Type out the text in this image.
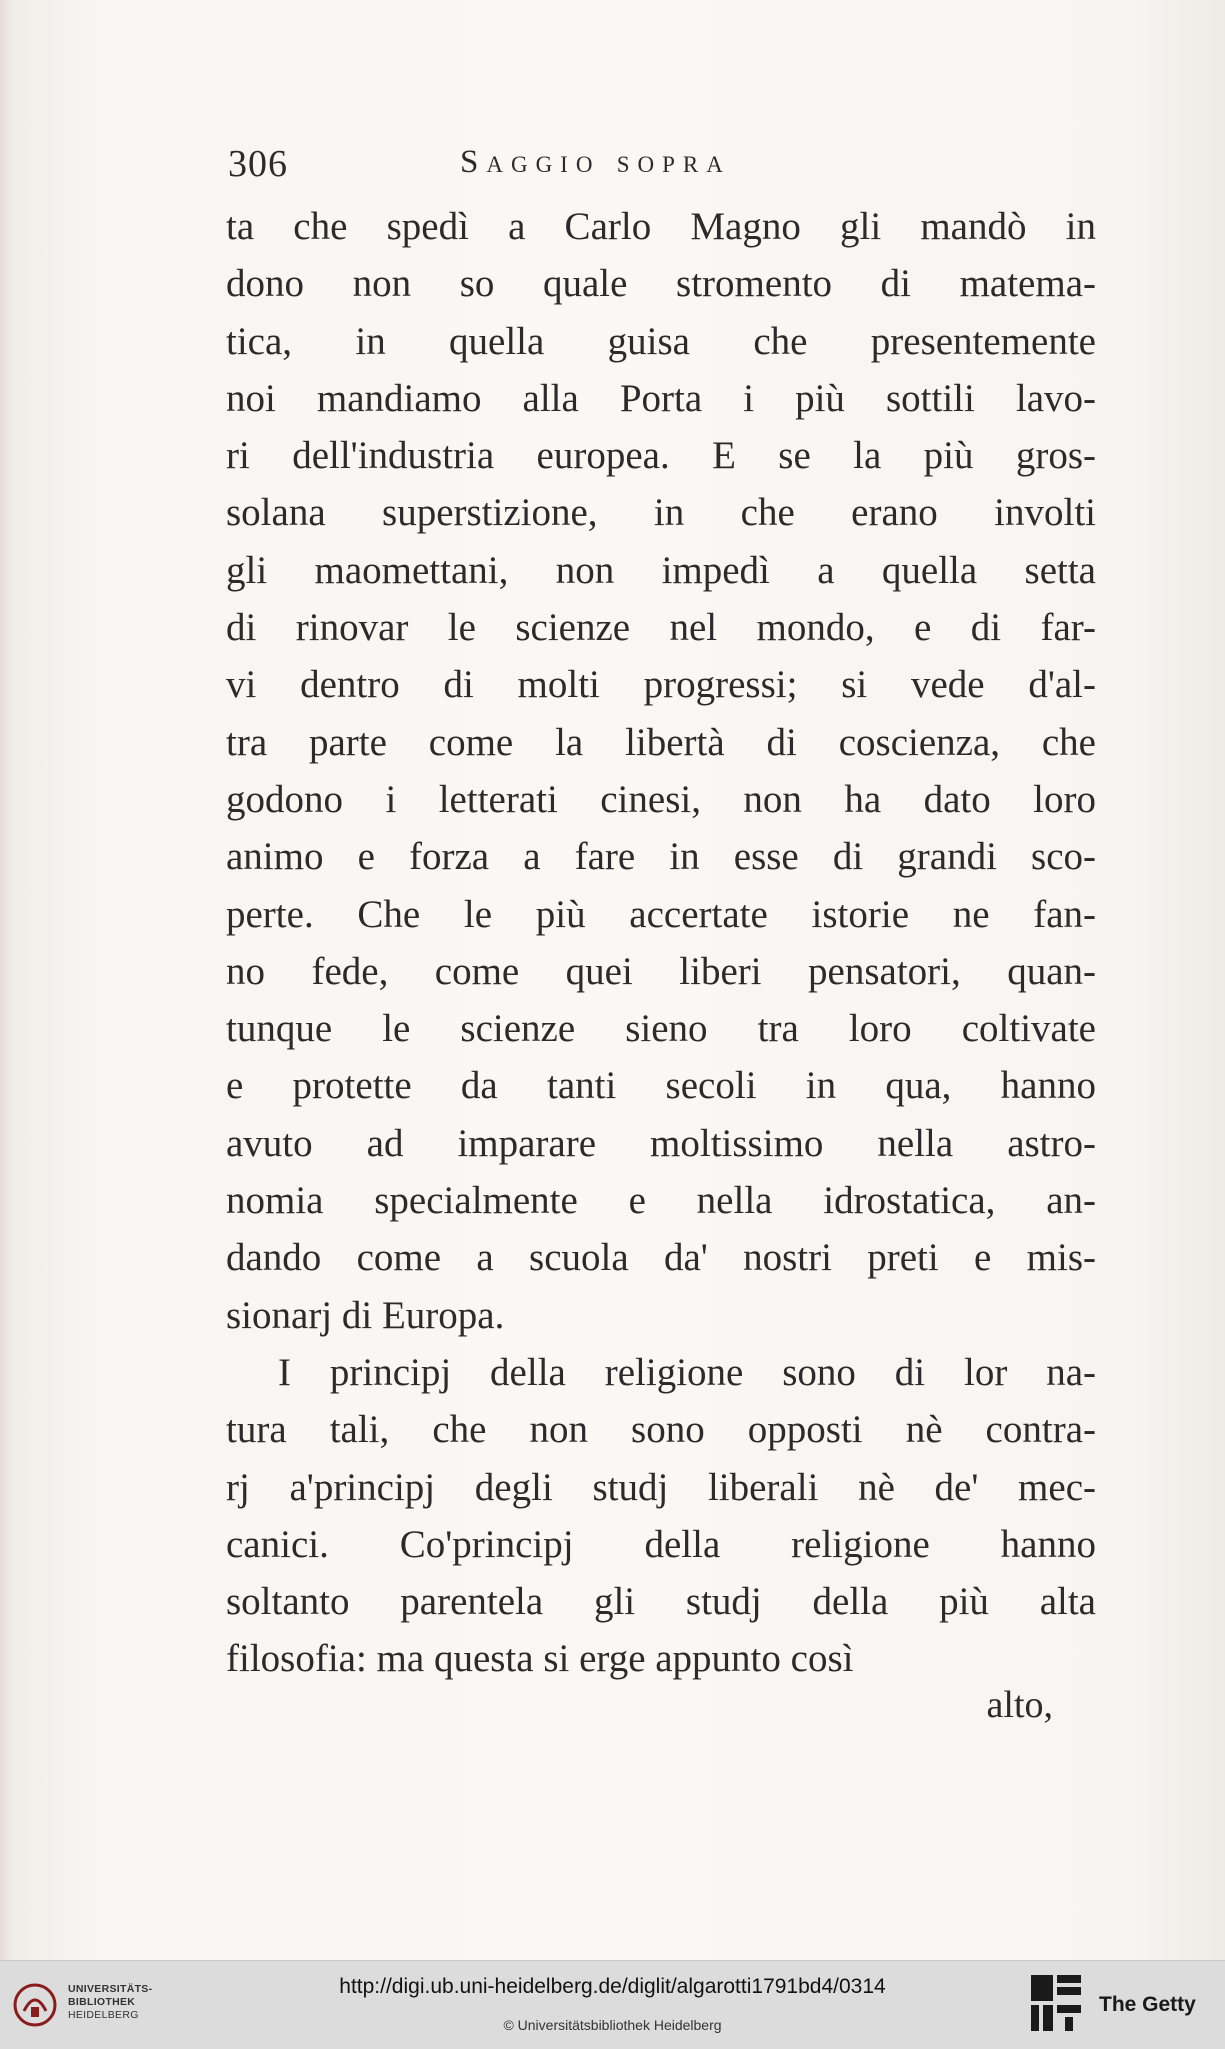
306	Saggio sopra
ta che spedì a Carlo Magno gli mandò in
dono non so quale stromento di matema-
tica, in quella guisa che presentemente
noi mandiamo alla Porta i più sottili lavo-
ri dell'industria europea. E se la più gros-
solana superstizione, in che erano involti
gli maomettani, non impedì a quella setta
di rinovar le scienze nel mondo, e di far-
vi dentro di molti progressi; si vede d'al-
tra parte come la libertà di coscienza, che
godono i letterati cinesi, non ha dato loro
animo e forza a fare in esse di grandi sco-
perte. Che le più accertate istorie ne fan-
no fede, come quei liberi pensatori, quan-
tunque le scienze sieno tra loro coltivate
e protette da tanti secoli in qua, hanno
avuto ad imparare moltissimo nella astro-
nomia specialmente e nella idrostatica, an-
dando come a scuola da' nostri preti e mis-
sionarj di Europa.
I principj della religione sono di lor na-
tura tali, che non sono opposti nè contra-
rj a'principj degli studj liberali nè de' mec-
canici. Co'principj della religione hanno
soltanto parentela gli studj della più alta
filosofia: ma questa si erge appunto così
alto,
UNIVERSITÄTS-
BIBLIOTHEK
HEIDELBERG
http://digi.ub.uni-heidelberg.de/diglit/algarotti1791bd4/0314
© Universitätsbibliothek Heidelberg
The Getty
